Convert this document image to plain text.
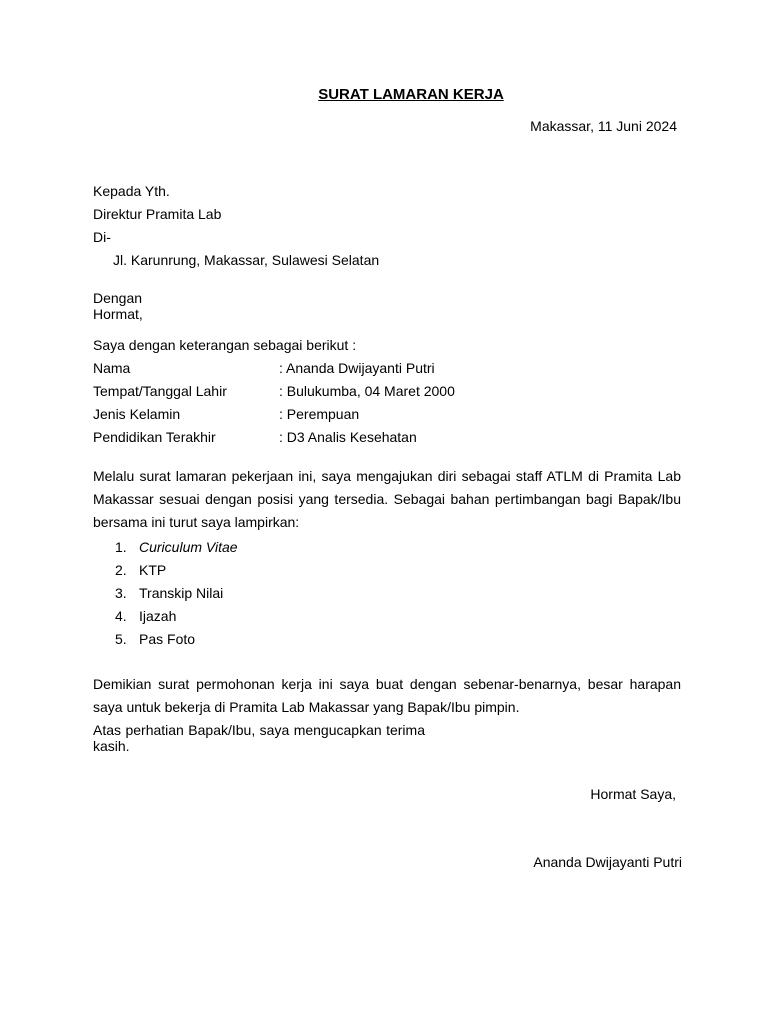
SURAT LAMARAN KERJA
Makassar, 11 Juni 2024
Kepada Yth.
Direktur Pramita Lab
Di-
Jl. Karunrung, Makassar, Sulawesi Selatan
Dengan
Hormat,
Saya dengan keterangan sebagai berikut :
Nama	: Ananda Dwijayanti Putri
Tempat/Tanggal Lahir	: Bulukumba, 04 Maret 2000
Jenis Kelamin	: Perempuan
Pendidikan Terakhir	: D3 Analis Kesehatan
Melalu surat lamaran pekerjaan ini, saya mengajukan diri sebagai staff ATLM di Pramita Lab Makassar sesuai dengan posisi yang tersedia. Sebagai bahan pertimbangan bagi Bapak/Ibu bersama ini turut saya lampirkan:
1. Curiculum Vitae
2. KTP
3. Transkip Nilai
4. Ijazah
5. Pas Foto
Demikian surat permohonan kerja ini saya buat dengan sebenar-benarnya, besar harapan saya untuk bekerja di Pramita Lab Makassar yang Bapak/Ibu pimpin.
Atas perhatian Bapak/Ibu, saya mengucapkan terima kasih.
Hormat Saya,
Ananda Dwijayanti Putri
